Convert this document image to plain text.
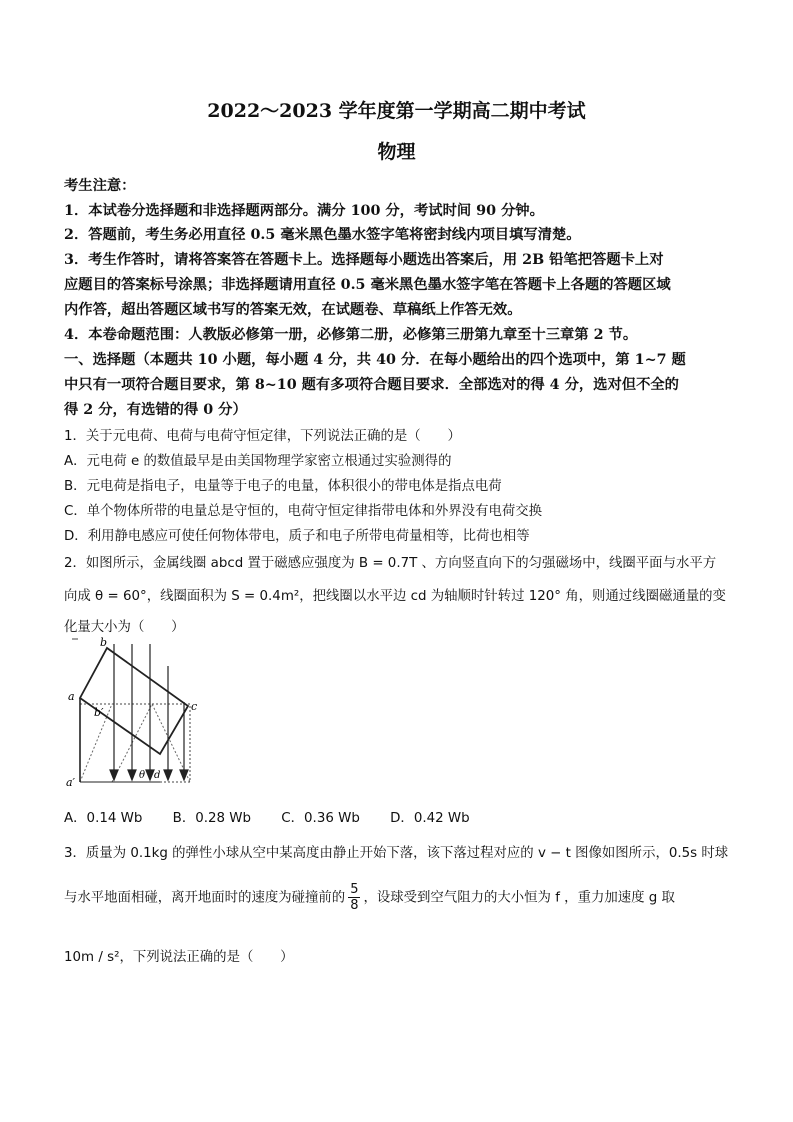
2022～2023 学年度第一学期高二期中考试
物理
考生注意：
1．本试卷分选择题和非选择题两部分。满分 100 分，考试时间 90 分钟。
2．答题前，考生务必用直径 0.5 毫米黑色墨水签字笔将密封线内项目填写清楚。
3．考生作答时，请将答案答在答题卡上。选择题每小题选出答案后，用 2B 铅笔把答题卡上对
应题目的答案标号涂黑；非选择题请用直径 0.5 毫米黑色墨水签字笔在答题卡上各题的答题区域
内作答，超出答题区域书写的答案无效，在试题卷、草稿纸上作答无效。
4．本卷命题范围：人教版必修第一册，必修第二册，必修第三册第九章至十三章第 2 节。
一、选择题（本题共 10 小题，每小题 4 分，共 40 分．在每小题给出的四个选项中，第 1~7 题
中只有一项符合题目要求，第 8~10 题有多项符合题目要求．全部选对的得 4 分，选对但不全的
得 2 分，有选错的得 0 分）
1．关于元电荷、电荷与电荷守恒定律，下列说法正确的是（　　）
A．元电荷 e 的数值最早是由美国物理学家密立根通过实验测得的
B．元电荷是指电子，电量等于电子的电量，体积很小的带电体是指点电荷
C．单个物体所带的电量总是守恒的，电荷守恒定律指带电体和外界没有电荷交换
D．利用静电感应可使任何物体带电，质子和电子所带电荷量相等，比荷也相等
2．如图所示，金属线圈 abcd 置于磁感应强度为 B = 0.7T 、方向竖直向下的匀强磁场中，线圈平面与水平方
向成 θ = 60°，线圈面积为 S = 0.4m²，把线圈以水平边 cd 为轴顺时针转过 120° 角，则通过线圈磁通量的变
化量大小为（　　）
b
a
c
b′
a′
θ d
A．0.14 Wb B．0.28 Wb C．0.36 Wb D．0.42 Wb
3．质量为 0.1kg 的弹性小球从空中某高度由静止开始下落，该下落过程对应的 v − t 图像如图所示，0.5s 时球
与水平地面相碰，离开地面时的速度为碰撞前的 $\frac{5}{8}$ ，设球受到空气阻力的大小恒为 f ，重力加速度 g 取
10m / s²，下列说法正确的是（　　）
